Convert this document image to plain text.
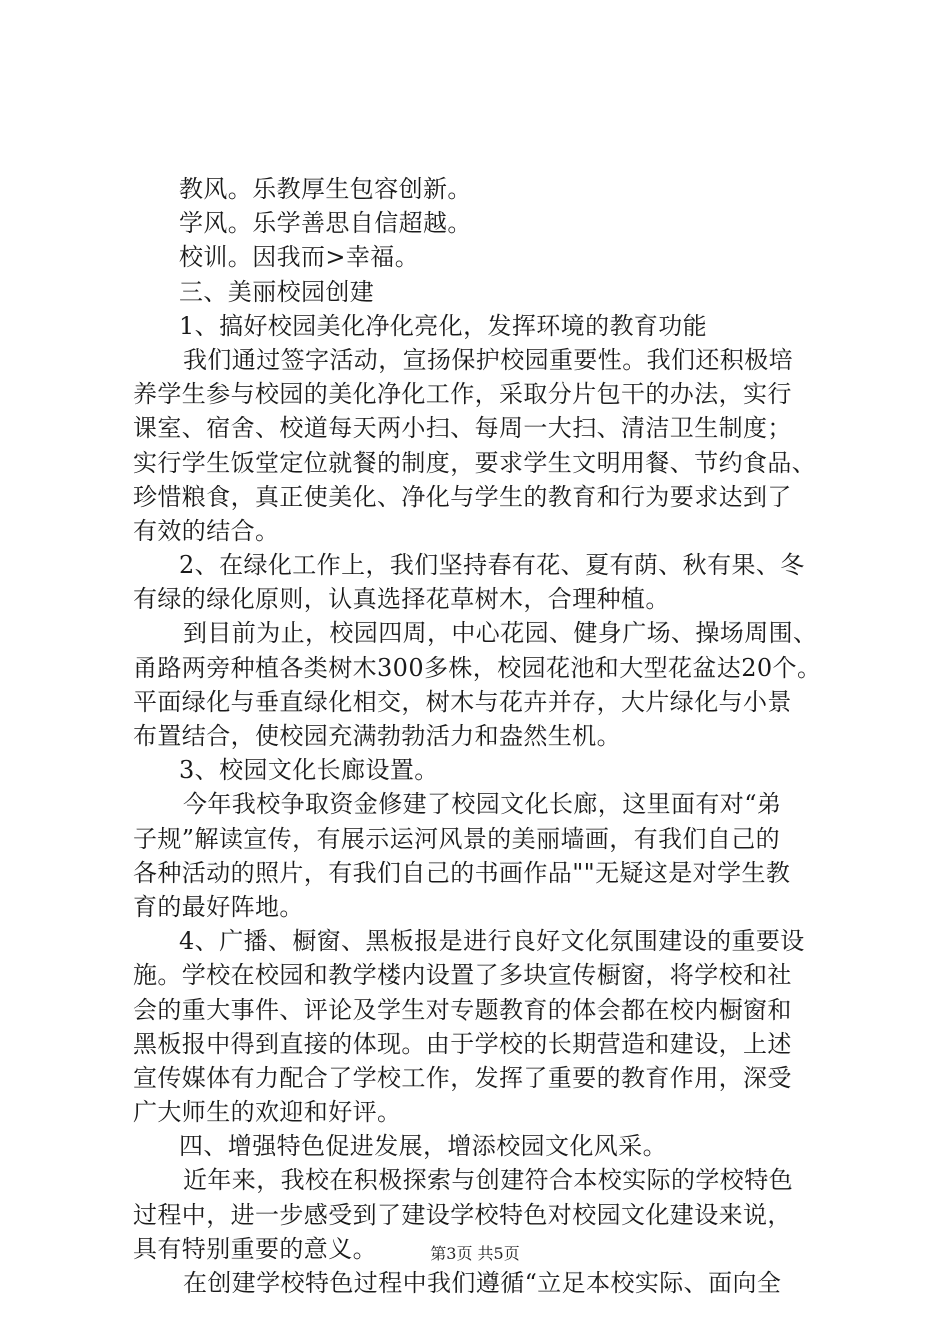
教风。乐教厚生包容创新。
学风。乐学善思自信超越。
校训。因我而>幸福。
三、美丽校园创建
1、搞好校园美化净化亮化，发挥环境的教育功能
我们通过签字活动，宣扬保护校园重要性。我们还积极培
养学生参与校园的美化净化工作，采取分片包干的办法，实行
课室、宿舍、校道每天两小扫、每周一大扫、清洁卫生制度；
实行学生饭堂定位就餐的制度，要求学生文明用餐、节约食品、
珍惜粮食，真正使美化、净化与学生的教育和行为要求达到了
有效的结合。
2、在绿化工作上，我们坚持春有花、夏有荫、秋有果、冬
有绿的绿化原则，认真选择花草树木，合理种植。
到目前为止，校园四周，中心花园、健身广场、操场周围、
甬路两旁种植各类树木300多株，校园花池和大型花盆达20个。
平面绿化与垂直绿化相交，树木与花卉并存，大片绿化与小景
布置结合，使校园充满勃勃活力和盎然生机。
3、校园文化长廊设置。
今年我校争取资金修建了校园文化长廊，这里面有对“弟
子规”解读宣传，有展示运河风景的美丽墙画，有我们自己的
各种活动的照片，有我们自己的书画作品""无疑这是对学生教
育的最好阵地。
4、广播、橱窗、黑板报是进行良好文化氛围建设的重要设
施。学校在校园和教学楼内设置了多块宣传橱窗，将学校和社
会的重大事件、评论及学生对专题教育的体会都在校内橱窗和
黑板报中得到直接的体现。由于学校的长期营造和建设，上述
宣传媒体有力配合了学校工作，发挥了重要的教育作用，深受
广大师生的欢迎和好评。
四、增强特色促进发展，增添校园文化风采。
近年来，我校在积极探索与创建符合本校实际的学校特色
过程中，进一步感受到了建设学校特色对校园文化建设来说，
具有特别重要的意义。
在创建学校特色过程中我们遵循“立足本校实际、面向全
第3页 共5页
